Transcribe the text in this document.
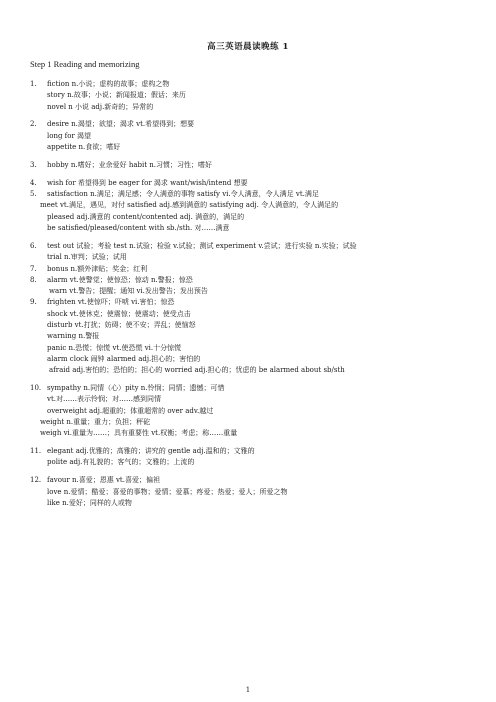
高三英语晨读晚练 1
Step 1 Reading and memorizing
1. fiction n.小说；虚构的故事；虚构之物
story n.故事；小说；新闻报道；假话；来历
novel n 小说 adj.新奇的；异常的
2. desire n.渴望；欲望；渴求 vt.希望得到；想要
long for 渴望
appetite n.食欲；嗜好
3. hobby n.嗜好；业余爱好 habit n.习惯；习性；嗜好
4. wish for 希望得到 be eager for 渴求 want/wish/intend 想要
5. satisfaction n.满足；满足感；令人满意的事物 satisfy vi.令人满意，令人满足 vt.满足
meet vt.满足，遇见，对付 satisfied adj.感到满意的 satisfying adj. 令人满意的，令人满足的
pleased adj.满意的 content/contented adj. 满意的，满足的
be satisfied/pleased/content with sb./sth. 对……满意
6. test out 试验；考验 test n.试验；检验 v.试验；测试 experiment v.尝试；进行实验 n.实验；试验
trial n.审判；试验；试用
7. bonus n.额外津贴；奖金；红利
8. alarm vt.使警觉；使惊恐；惊动 n.警报；惊恐
warn vt.警告；提醒；通知 vi.发出警告；发出预告
9. frighten vt.使惊吓；吓唬 vi.害怕；惊恐
shock vt.使休克；使震惊；使震动；使受点击
disturb vt.打扰；妨碍；使不安；弄乱；使恼怒
warning n.警报
panic n.恐慌；惊慌 vt.使恐慌 vi.十分惊慌
alarm clock 闹钟 alarmed adj.担心的；害怕的
afraid adj.害怕的；恐怕的；担心的 worried adj.担心的；忧虑的 be alarmed about sb/sth
10. sympathy n.同情（心）pity n.怜悯；同情；遗憾；可惜
vt.对……表示怜悯；对……感到同情
overweight adj.超重的；体重超常的 over adv.越过
weight n.重量；重力；负担；秤砣
weigh vi.重量为……；具有重要性 vt.权衡；考虑；称……重量
11. elegant adj.优雅的；高雅的；讲究的 gentle adj.温和的；文雅的
polite adj.有礼貌的；客气的；文雅的；上流的
12. favour n.喜爱；恩惠 vt.喜爱；偏袒
love n.爱情；酷爱；喜爱的事物；爱情；爱慕；疼爱；热爱；爱人；所爱之物
like n.爱好；同样的人或物
1
